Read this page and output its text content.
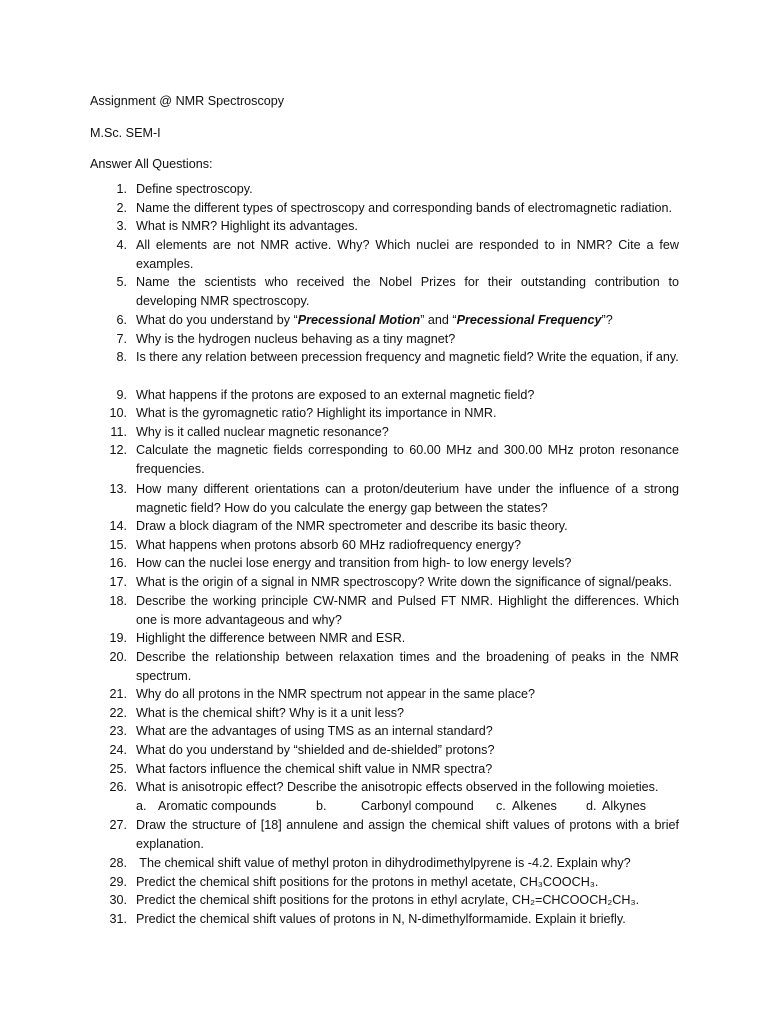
Assignment @ NMR Spectroscopy
M.Sc. SEM-I
Answer All Questions:
1. Define spectroscopy.
2. Name the different types of spectroscopy and corresponding bands of electromagnetic radiation.
3. What is NMR? Highlight its advantages.
4. All elements are not NMR active. Why? Which nuclei are responded to in NMR? Cite a few examples.
5. Name the scientists who received the Nobel Prizes for their outstanding contribution to developing NMR spectroscopy.
6. What do you understand by “Precessional Motion” and “Precessional Frequency”?
7. Why is the hydrogen nucleus behaving as a tiny magnet?
8. Is there any relation between precession frequency and magnetic field? Write the equation, if any.
9. What happens if the protons are exposed to an external magnetic field?
10. What is the gyromagnetic ratio? Highlight its importance in NMR.
11. Why is it called nuclear magnetic resonance?
12. Calculate the magnetic fields corresponding to 60.00 MHz and 300.00 MHz proton resonance frequencies.
13. How many different orientations can a proton/deuterium have under the influence of a strong magnetic field? How do you calculate the energy gap between the states?
14. Draw a block diagram of the NMR spectrometer and describe its basic theory.
15. What happens when protons absorb 60 MHz radiofrequency energy?
16. How can the nuclei lose energy and transition from high- to low energy levels?
17. What is the origin of a signal in NMR spectroscopy? Write down the significance of signal/peaks.
18. Describe the working principle CW-NMR and Pulsed FT NMR. Highlight the differences. Which one is more advantageous and why?
19. Highlight the difference between NMR and ESR.
20. Describe the relationship between relaxation times and the broadening of peaks in the NMR spectrum.
21. Why do all protons in the NMR spectrum not appear in the same place?
22. What is the chemical shift? Why is it a unit less?
23. What are the advantages of using TMS as an internal standard?
24. What do you understand by “shielded and de-shielded” protons?
25. What factors influence the chemical shift value in NMR spectra?
26. What is anisotropic effect? Describe the anisotropic effects observed in the following moieties.
a. Aromatic compounds	b.	Carbonyl compound c. Alkenes d. Alkynes
27. Draw the structure of [18] annulene and assign the chemical shift values of protons with a brief explanation.
28. The chemical shift value of methyl proton in dihydrodimethylpyrene is -4.2. Explain why?
29. Predict the chemical shift positions for the protons in methyl acetate, CH₃COOCH₃.
30. Predict the chemical shift positions for the protons in ethyl acrylate, CH₂=CHCOOCH₂CH₃.
31. Predict the chemical shift values of protons in N, N-dimethylformamide. Explain it briefly.
